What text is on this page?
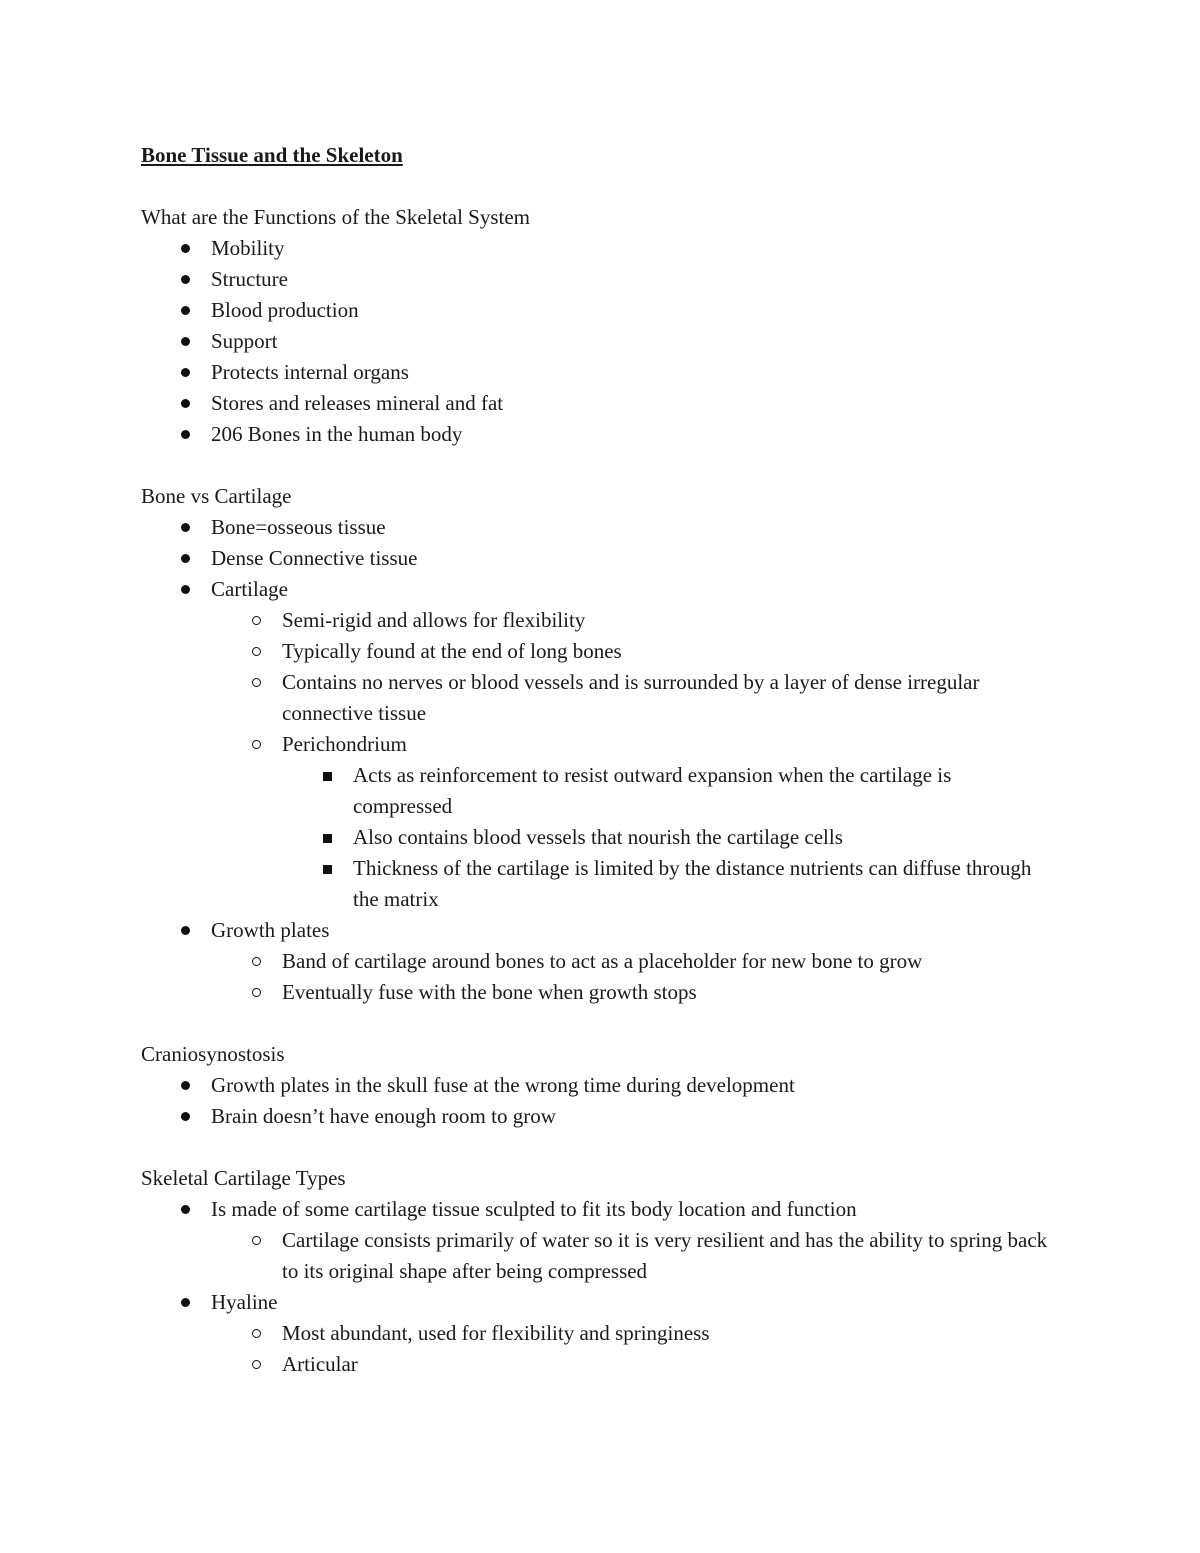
Bone Tissue and the Skeleton
What are the Functions of the Skeletal System
Mobility
Structure
Blood production
Support
Protects internal organs
Stores and releases mineral and fat
206 Bones in the human body
Bone vs Cartilage
Bone=osseous tissue
Dense Connective tissue
Cartilage
Semi-rigid and allows for flexibility
Typically found at the end of long bones
Contains no nerves or blood vessels and is surrounded by a layer of dense irregular connective tissue
Perichondrium
Acts as reinforcement to resist outward expansion when the cartilage is compressed
Also contains blood vessels that nourish the cartilage cells
Thickness of the cartilage is limited by the distance nutrients can diffuse through the matrix
Growth plates
Band of cartilage around bones to act as a placeholder for new bone to grow
Eventually fuse with the bone when growth stops
Craniosynostosis
Growth plates in the skull fuse at the wrong time during development
Brain doesn’t have enough room to grow
Skeletal Cartilage Types
Is made of some cartilage tissue sculpted to fit its body location and function
Cartilage consists primarily of water so it is very resilient and has the ability to spring back to its original shape after being compressed
Hyaline
Most abundant, used for flexibility and springiness
Articular
